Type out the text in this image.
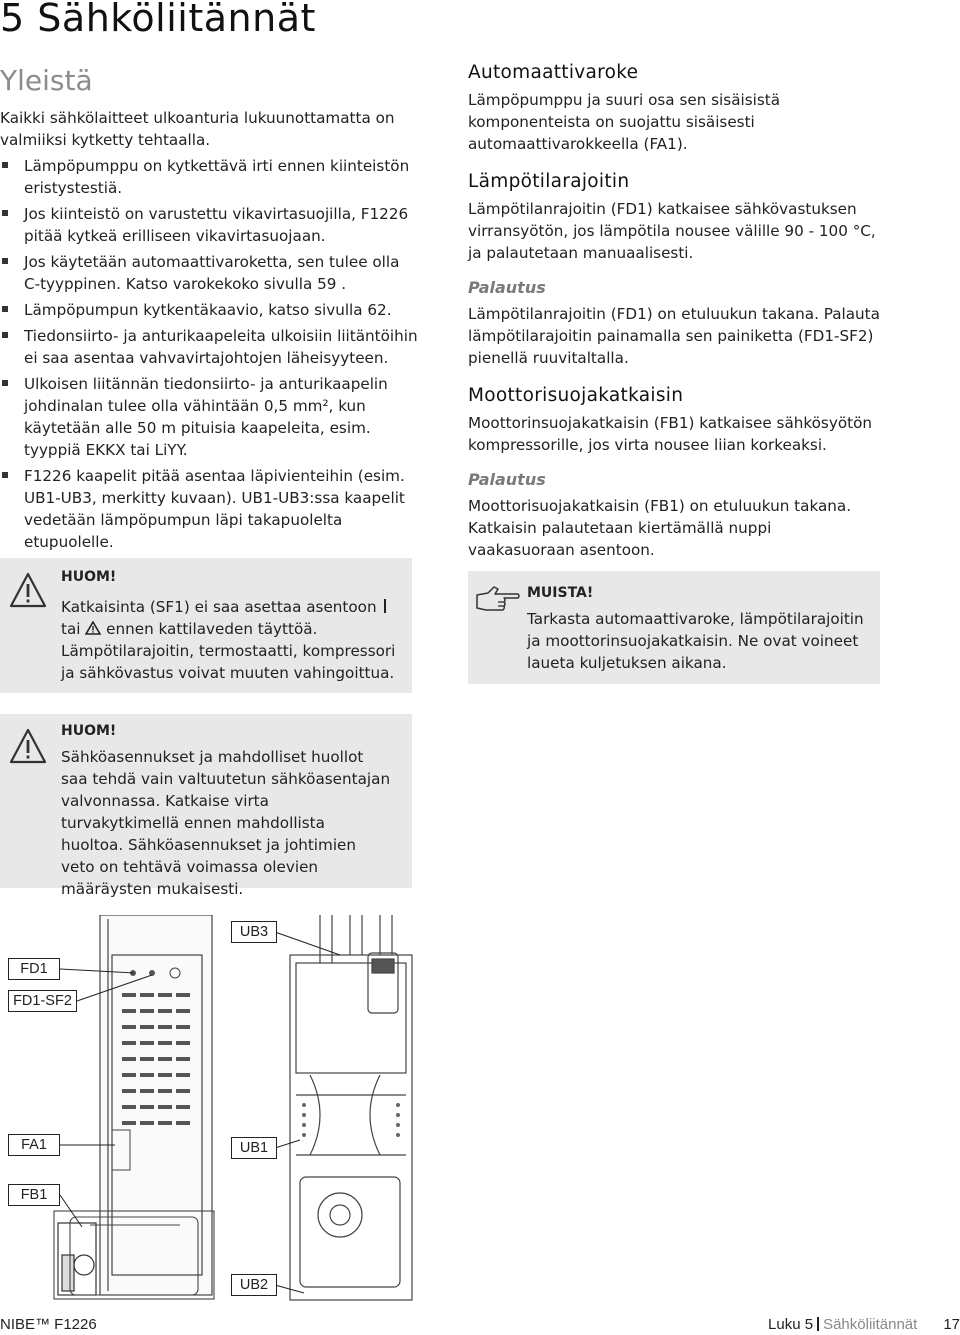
5 Sähköliitännät
Yleistä

Kaikki sähkölaitteet ulkoanturia lukuunottamatta on valmiiksi kytketty tehtaalla.

Lämpöpumppu on kytkettävä irti ennen kiinteistön eristystestiä.
Jos kiinteistö on varustettu vikavirtasuojilla, F1226 pitää kytkeä erilliseen vikavirtasuojaan.
Jos käytetään automaattivaroketta, sen tulee olla C-tyyppinen. Katso varokekoko sivulla 59 .
Lämpöpumpun kytkentäkaavio, katso sivulla 62.
Tiedonsiirto- ja anturikaapeleita ulkoisiin liitäntöihin ei saa asentaa vahvavirtajohtojen läheisyyteen.
Ulkoisen liitännän tiedonsiirto- ja anturikaapelin johdinalan tulee olla vähintään 0,5 mm², kun käytetään alle 50 m pituisia kaapeleita, esim. tyyppiä EKKX tai LiYY.
F1226 kaapelit pitää asentaa läpivienteihin (esim. UB1-UB3, merkitty kuvaan). UB1-UB3:ssa kaapelit vedetään lämpöpumpun läpi takapuolelta etupuolelle.
HUOM!
Katkaisinta (SF1) ei saa asettaa asentoon tai ennen kattilaveden täyttöä. Lämpötilarajoitin, termostaatti, kompressori ja sähkövastus voivat muuten vahingoittua.
HUOM!
Sähköasennukset ja mahdolliset huollot saa tehdä vain valtuutetun sähköasentajan valvonnassa. Katkaise virta turvakytkimellä ennen mahdollista huoltoa. Sähköasennukset ja johtimien veto on tehtävä voimassa olevien määräysten mukaisesti.
Automaattivaroke

Lämpöpumppu ja suuri osa sen sisäisistä komponenteista on suojattu sisäisesti automaattivarokkeella (FA1).

Lämpötilarajoitin

Lämpötilanrajoitin (FD1) katkaisee sähkövastuksen virransyötön, jos lämpötila nousee välille 90 - 100 °C, ja palautetaan manuaalisesti.

Palautus

Lämpötilanrajoitin (FD1) on etuluukun takana. Palauta lämpötilarajoitin painamalla sen painiketta (FD1-SF2) pienellä ruuvitaltalla.

Moottorisuojakatkaisin

Moottorinsuojakatkaisin (FB1) katkaisee sähkösyötön kompressorille, jos virta nousee liian korkeaksi.

Palautus

Moottorisuojakatkaisin (FB1) on etuluukun takana. Katkaisin palautetaan kiertämällä nuppi vaakasuoraan asentoon.

MUISTA!
Tarkasta automaattivaroke, lämpötilarajoitin ja moottorinsuojakatkaisin. Ne ovat voineet laueta kuljetuksen aikana.
UB3
FD1
FD1-SF2
FA1	UB1
FB1
UB2
NIBE™ F1226	Luku 5 Sähköliitännät 17
